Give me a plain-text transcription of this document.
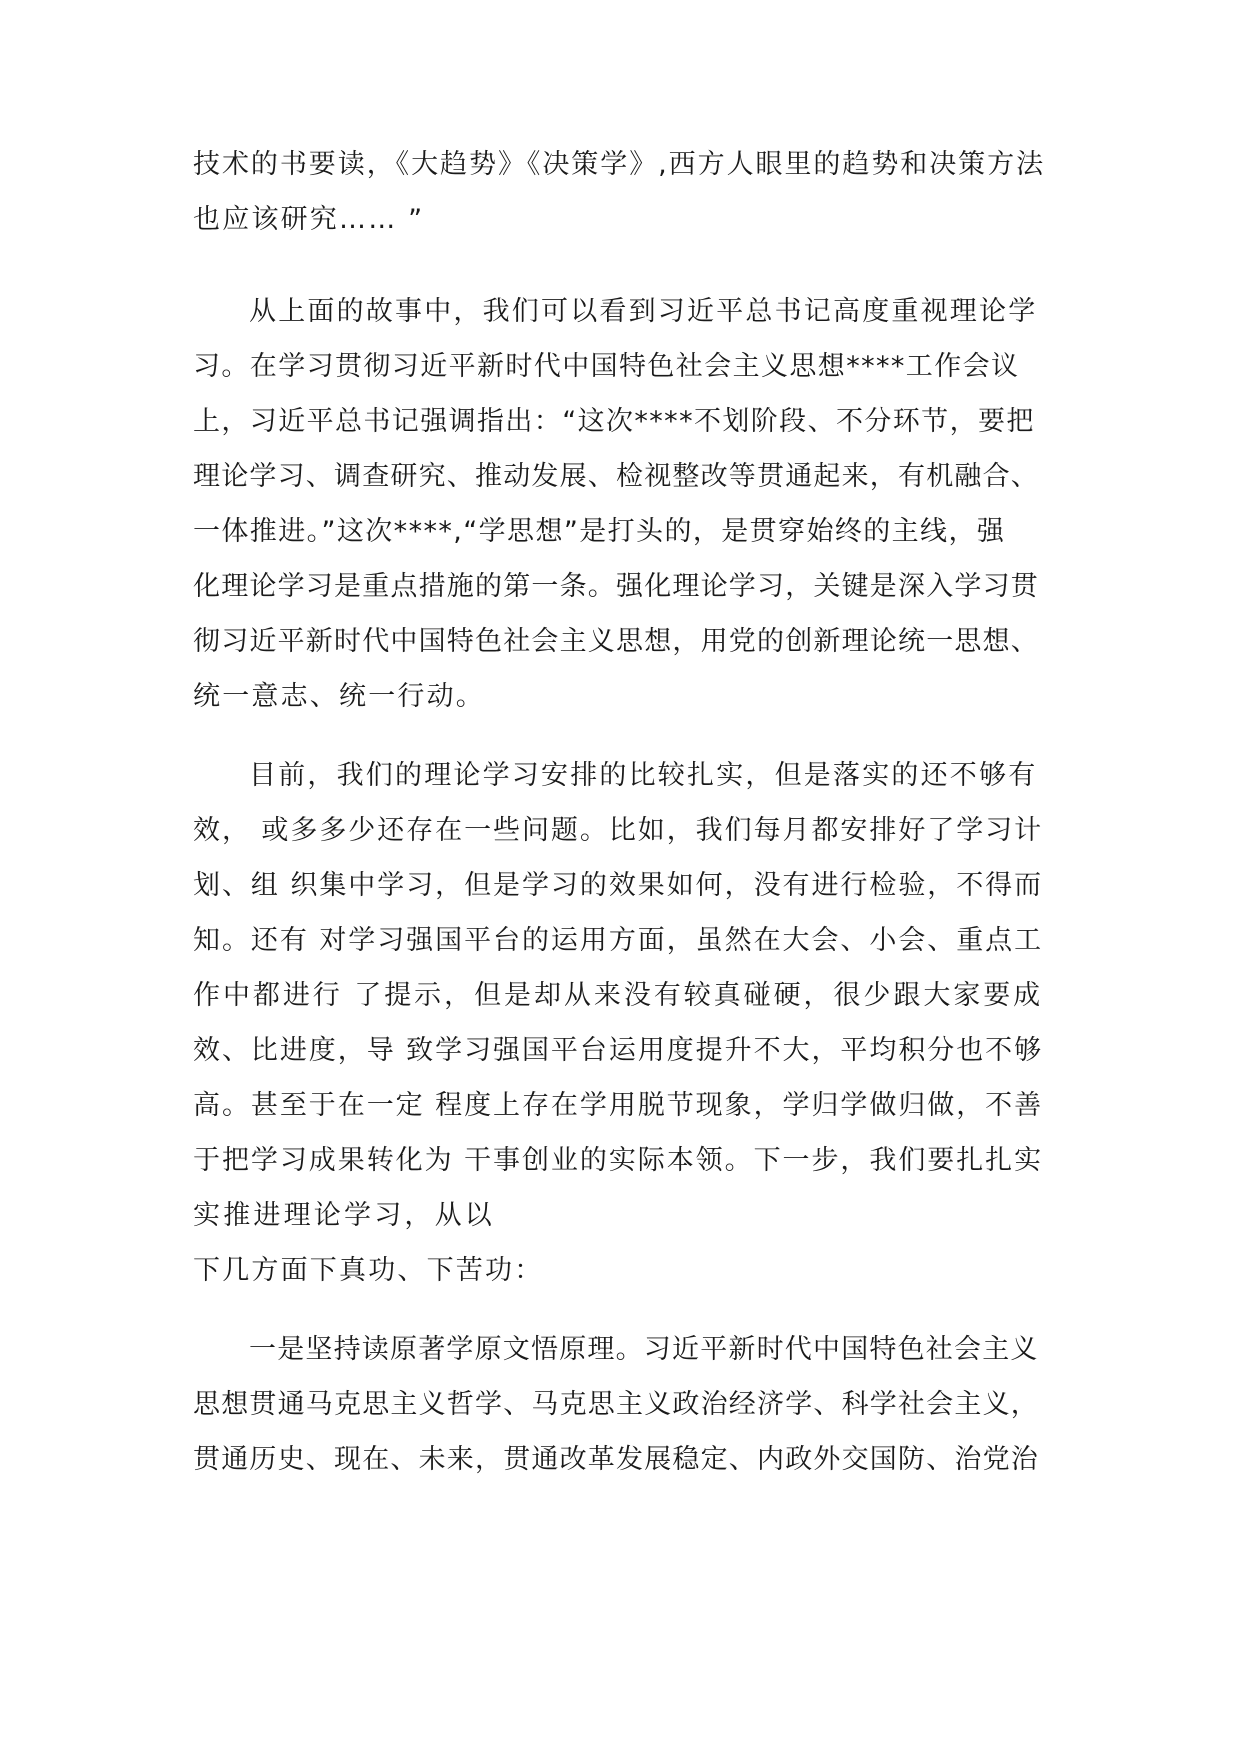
技术的书要读，《大趋势》《决策学》,西方人眼里的趋势和决策方法
也应该研究…… ”
从上面的故事中，我们可以看到习近平总书记高度重视理论学
习。在学习贯彻习近平新时代中国特色社会主义思想****工作会议
上，习近平总书记强调指出：“这次****不划阶段、不分环节，要把
理论学习、调查研究、推动发展、检视整改等贯通起来，有机融合、
一体推进。”这次****,“学思想”是打头的，是贯穿始终的主线，强
化理论学习是重点措施的第一条。强化理论学习，关键是深入学习贯
彻习近平新时代中国特色社会主义思想，用党的创新理论统一思想、
统一意志、统一行动。
目前，我们的理论学习安排的比较扎实，但是落实的还不够有
效， 或多多少还存在一些问题。比如，我们每月都安排好了学习计
划、组 织集中学习，但是学习的效果如何，没有进行检验，不得而
知。还有 对学习强国平台的运用方面，虽然在大会、小会、重点工
作中都进行 了提示，但是却从来没有较真碰硬，很少跟大家要成
效、比进度，导 致学习强国平台运用度提升不大，平均积分也不够
高。甚至于在一定 程度上存在学用脱节现象，学归学做归做，不善
于把学习成果转化为 干事创业的实际本领。下一步，我们要扎扎实
实推进理论学习，从以
下几方面下真功、下苦功：
一是坚持读原著学原文悟原理。习近平新时代中国特色社会主义
思想贯通马克思主义哲学、马克思主义政治经济学、科学社会主义，
贯通历史、现在、未来，贯通改革发展稳定、内政外交国防、治党治
